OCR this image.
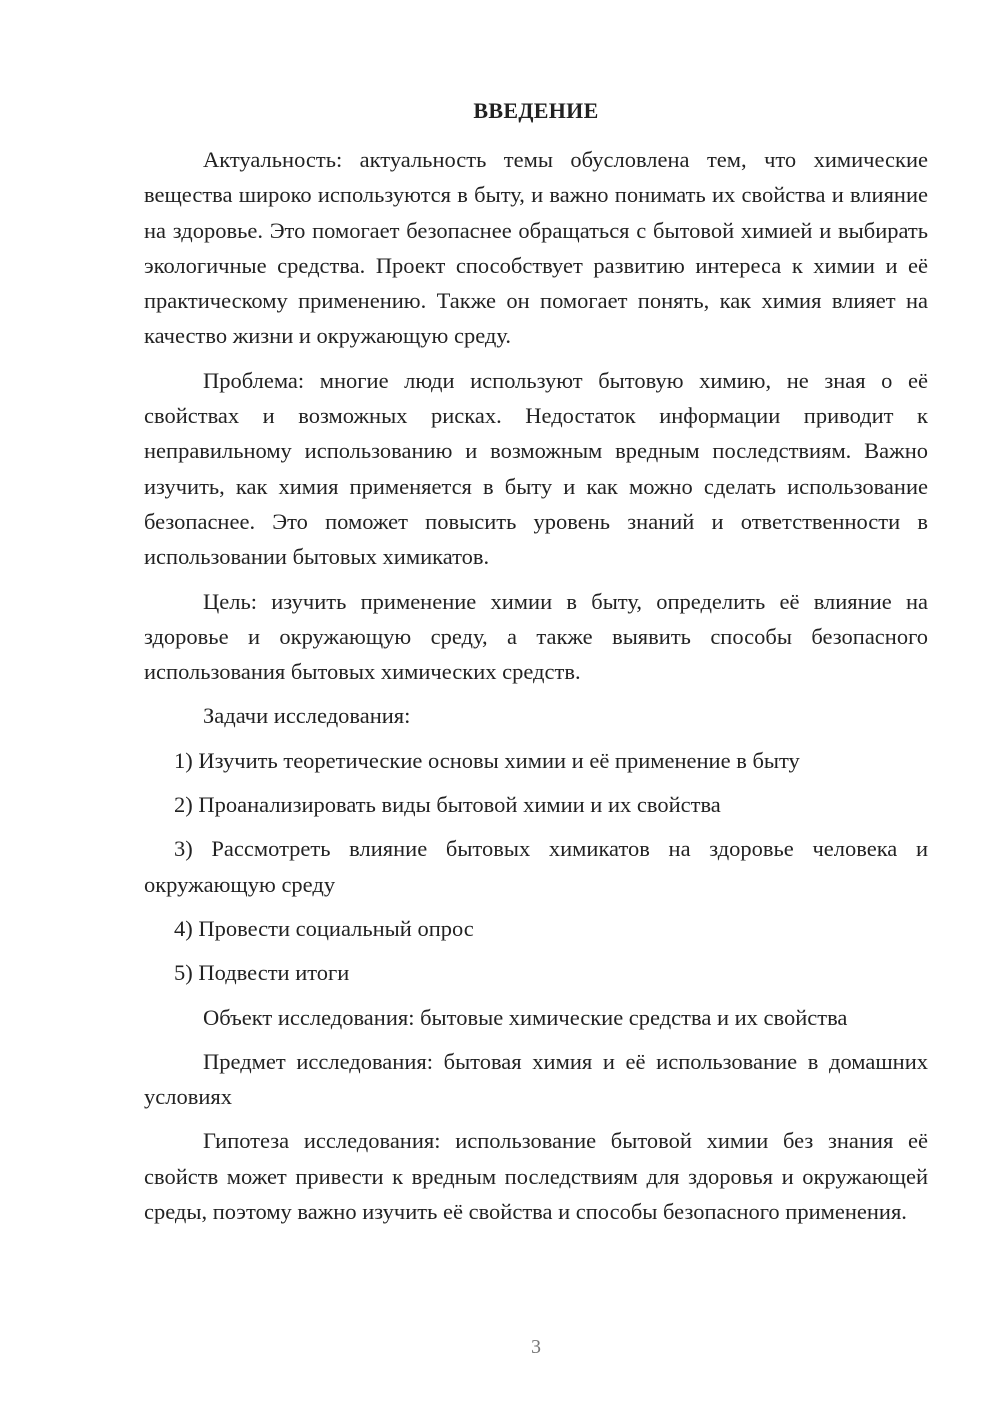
ВВЕДЕНИЕ

Актуальность: актуальность темы обусловлена тем, что химические вещества широко используются в быту, и важно понимать их свойства и влияние на здоровье. Это помогает безопаснее обращаться с бытовой химией и выбирать экологичные средства. Проект способствует развитию интереса к химии и её практическому применению. Также он помогает понять, как химия влияет на качество жизни и окружающую среду.

Проблема: многие люди используют бытовую химию, не зная о её свойствах и возможных рисках. Недостаток информации приводит к неправильному использованию и возможным вредным последствиям. Важно изучить, как химия применяется в быту и как можно сделать использование безопаснее. Это поможет повысить уровень знаний и ответственности в использовании бытовых химикатов.

Цель: изучить применение химии в быту, определить её влияние на здоровье и окружающую среду, а также выявить способы безопасного использования бытовых химических средств.

Задачи исследования:

1) Изучить теоретические основы химии и её применение в быту

2) Проанализировать виды бытовой химии и их свойства

3) Рассмотреть влияние бытовых химикатов на здоровье человека и окружающую среду

4) Провести социальный опрос

5) Подвести итоги

Объект исследования: бытовые химические средства и их свойства

Предмет исследования: бытовая химия и её использование в домашних условиях

Гипотеза исследования: использование бытовой химии без знания её свойств может привести к вредным последствиям для здоровья и окружающей среды, поэтому важно изучить её свойства и способы безопасного применения.

3
